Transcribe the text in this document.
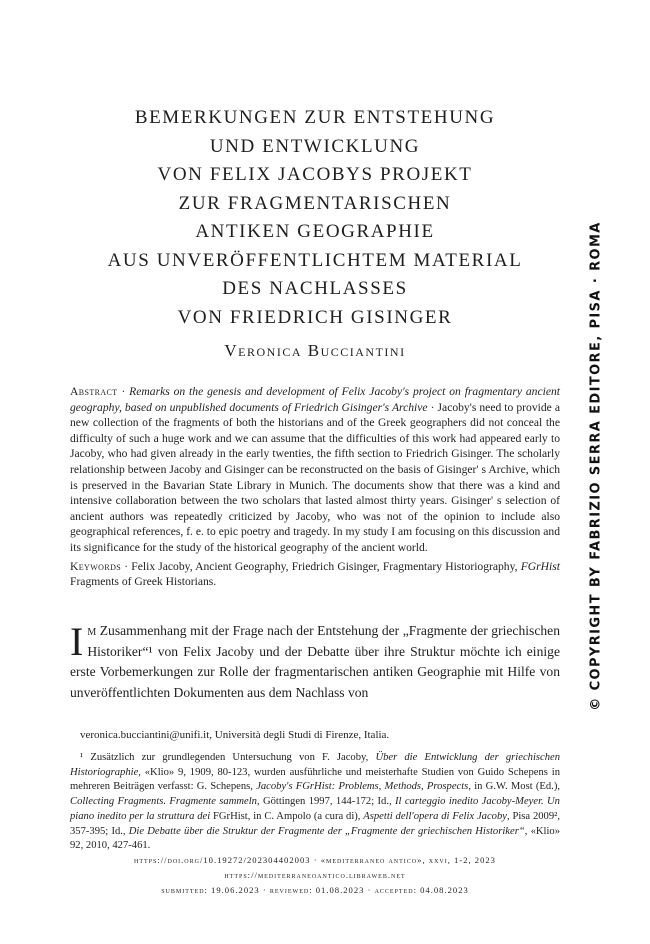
BEMERKUNGEN ZUR ENTSTEHUNG
UND ENTWICKLUNG
VON FELIX JACOBYS PROJEKT
ZUR FRAGMENTARISCHEN
ANTIKEN GEOGRAPHIE
AUS UNVERÖFFENTLICHTEM MATERIAL
DES NACHLASSES
VON FRIEDRICH GISINGER
Veronica Bucciantini

Abstract · Remarks on the genesis and development of Felix Jacoby's project on fragmentary ancient geography, based on unpublished documents of Friedrich Gisinger's Archive · Jacoby's need to provide a new collection of the fragments of both the historians and of the Greek geographers did not conceal the difficulty of such a huge work and we can assume that the difficulties of this work had appeared early to Jacoby, who had given already in the early twenties, the fifth section to Friedrich Gisinger. The scholarly relationship between Jacoby and Gisinger can be reconstructed on the basis of Gisinger' s Archive, which is preserved in the Bavarian State Library in Munich. The documents show that there was a kind and intensive collaboration between the two scholars that lasted almost thirty years. Gisinger' s selection of ancient authors was repeatedly criticized by Jacoby, who was not of the opinion to include also geographical references, f. e. to epic poetry and tragedy. In my study I am focusing on this discussion and its significance for the study of the historical geography of the ancient world.

Keywords · Felix Jacoby, Ancient Geography, Friedrich Gisinger, Fragmentary Historiography, FGrHist Fragments of Greek Historians.

Im Zusammenhang mit der Frage nach der Entstehung der „Fragmente der griechischen Historiker“¹ von Felix Jacoby und der Debatte über ihre Struktur möchte ich einige erste Vorbemerkungen zur Rolle der fragmentarischen antiken Geographie mit Hilfe von unveröffentlichten Dokumenten aus dem Nachlass von

veronica.bucciantini@unifi.it, Università degli Studi di Firenze, Italia.

¹ Zusätzlich zur grundlegenden Untersuchung von F. Jacoby, Über die Entwicklung der griechischen Historiographie, «Klio» 9, 1909, 80-123, wurden ausführliche und meisterhafte Studien von Guido Schepens in mehreren Beiträgen verfasst: G. Schepens, Jacoby's FGrHist: Problems, Methods, Prospects, in G.W. Most (Ed.), Collecting Fragments. Fragmente sammeln, Göttingen 1997, 144-172; Id., Il carteggio inedito Jacoby-Meyer. Un piano inedito per la struttura dei FGrHist, in C. Ampolo (a cura di), Aspetti dell'opera di Felix Jacoby, Pisa 2009², 357-395; Id., Die Debatte über die Struktur der Fragmente der „Fragmente der griechischen Historiker“, «Klio» 92, 2010, 427-461.

https://doi.org/10.19272/202304402003 · «mediterraneo antico», xxvi, 1-2, 2023
https://mediterraneoantico.libraweb.net
submitted: 19.06.2023 · reviewed: 01.08.2023 · accepted: 04.08.2023
© COPYRIGHT BY FABRIZIO SERRA EDITORE, PISA · ROMA
